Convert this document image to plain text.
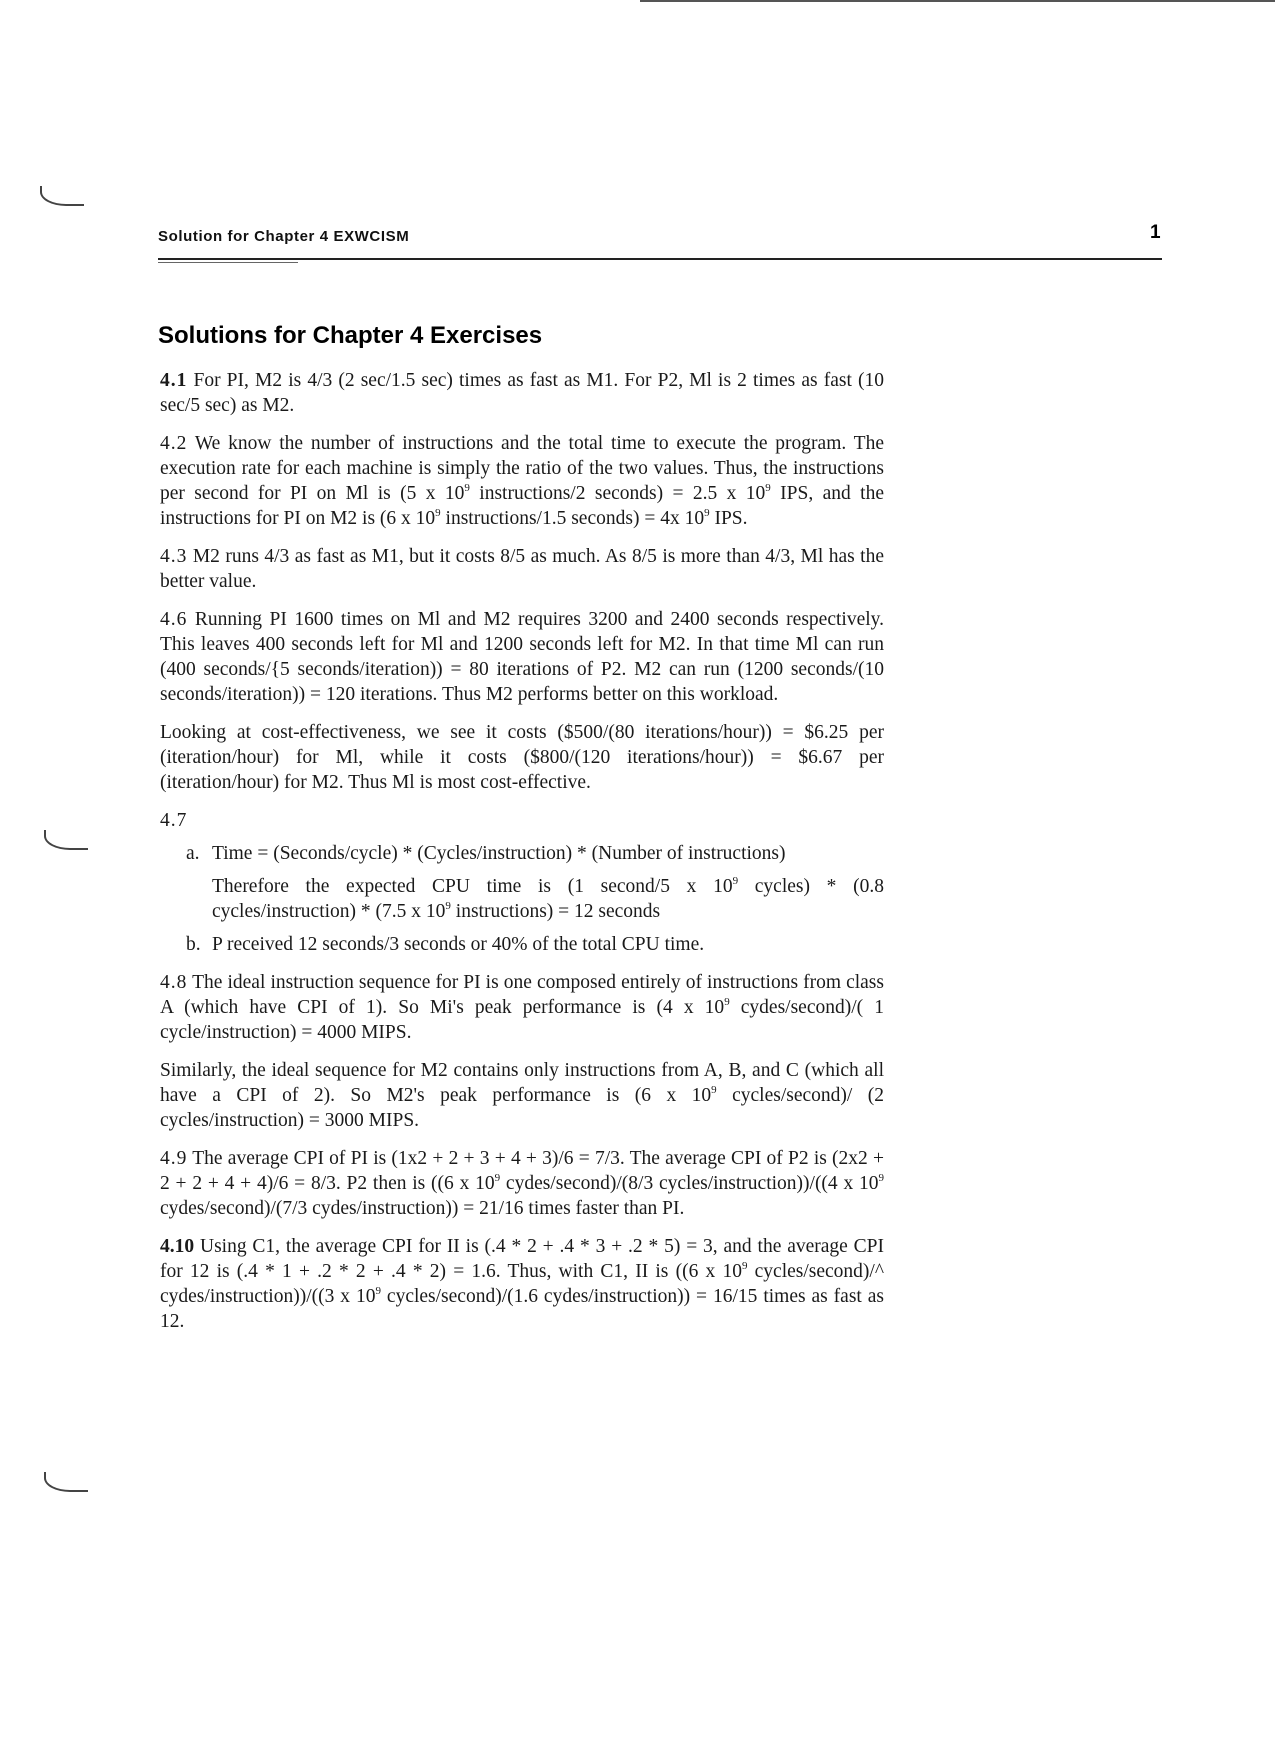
Solution for Chapter 4 EXWCISM	1
Solutions for Chapter 4 Exercises

4.1 For PI, M2 is 4/3 (2 sec/1.5 sec) times as fast as M1. For P2, Ml is 2 times as fast (10 sec/5 sec) as M2.

4.2 We know the number of instructions and the total time to execute the program. The execution rate for each machine is simply the ratio of the two values. Thus, the instructions per second for PI on Ml is (5 x $10^9$ instructions/2 seconds) = 2.5 x $10^9$ IPS, and the instructions for PI on M2 is (6 x $10^9$ instructions/1.5 seconds) = 4x $10^9$ IPS.

4.3 M2 runs 4/3 as fast as M1, but it costs 8/5 as much. As 8/5 is more than 4/3, Ml has the better value.

4.6 Running PI 1600 times on Ml and M2 requires 3200 and 2400 seconds respectively. This leaves 400 seconds left for Ml and 1200 seconds left for M2. In that time Ml can run (400 seconds/{5 seconds/iteration)) = 80 iterations of P2. M2 can run (1200 seconds/(10 seconds/iteration)) = 120 iterations. Thus M2 performs better on this workload.

Looking at cost-effectiveness, we see it costs ($500/(80 iterations/hour)) = $6.25 per (iteration/hour) for Ml, while it costs ($800/(120 iterations/hour)) = $6.67 per (iteration/hour) for M2. Thus Ml is most cost-effective.

4.7

a. Time = (Seconds/cycle) * (Cycles/instruction) * (Number of instructions)

Therefore the expected CPU time is (1 second/5 x $10^9$ cycles) * (0.8 cycles/instruction) * (7.5 x $10^9$ instructions) = 12 seconds

b. P received 12 seconds/3 seconds or 40% of the total CPU time.

4.8 The ideal instruction sequence for PI is one composed entirely of instructions from class A (which have CPI of 1). So Mi's peak performance is (4 x $10^9$ cydes/second)/( 1 cycle/instruction) = 4000 MIPS.

Similarly, the ideal sequence for M2 contains only instructions from A, B, and C (which all have a CPI of 2). So M2's peak performance is (6 x $10^9$ cycles/second)/ (2 cycles/instruction) = 3000 MIPS.

4.9 The average CPI of PI is (1x2 + 2 + 3 + 4 + 3)/6 = 7/3. The average CPI of P2 is (2x2 + 2 + 2 + 4 + 4)/6 = 8/3. P2 then is ((6 x $10^9$ cydes/second)/(8/3 cycles/instruction))/((4 x $10^9$ cydes/second)/(7/3 cydes/instruction)) = 21/16 times faster than PI.

4.10 Using C1, the average CPI for II is (.4 * 2 + .4 * 3 + .2 * 5) = 3, and the average CPI for 12 is (.4 * 1 + .2 * 2 + .4 * 2) = 1.6. Thus, with C1, II is ((6 x $10^9$ cycles/second)/^ cydes/instruction))/((3 x $10^9$ cycles/second)/(1.6 cydes/instruction)) = 16/15 times as fast as 12.
